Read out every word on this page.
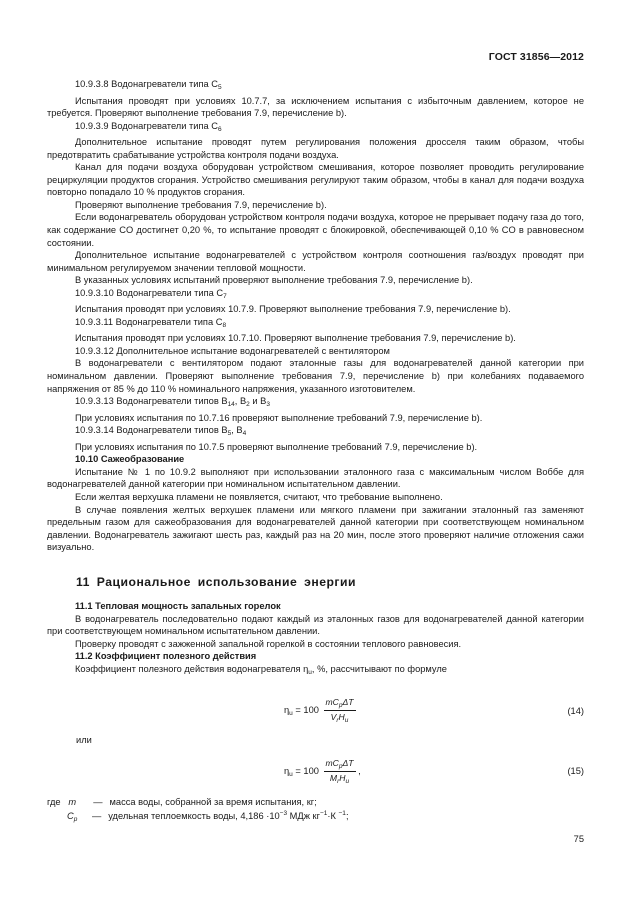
ГОСТ 31856—2012

10.9.3.8 Водонагреватели типа $С_5$

Испытания проводят при условиях 10.7.7, за исключением испытания с избыточным давлением, которое не требуется. Проверяют выполнение требования 7.9, перечисление b).

10.9.3.9 Водонагреватели типа $С_6$

Дополнительное испытание проводят путем регулирования положения дросселя таким образом, чтобы предотвратить срабатывание устройства контроля подачи воздуха.

Канал для подачи воздуха оборудован устройством смешивания, которое позволяет проводить регулирование рециркуляции продуктов сгорания. Устройство смешивания регулируют таким образом, чтобы в канал для подачи воздуха повторно попадало 10 % продуктов сгорания.

Проверяют выполнение требования 7.9, перечисление b).

Если водонагреватель оборудован устройством контроля подачи воздуха, которое не прерывает подачу газа до того, как содержание CO достигнет 0,20 %, то испытание проводят с блокировкой, обеспечивающей 0,10 % CO в равновесном состоянии.

Дополнительное испытание водонагревателей с устройством контроля соотношения газ/воздух проводят при минимальном регулируемом значении тепловой мощности.

В указанных условиях испытаний проверяют выполнение требования 7.9, перечисление b).

10.9.3.10 Водонагреватели типа $С_7$

Испытания проводят при условиях 10.7.9. Проверяют выполнение требования 7.9, перечисление b).

10.9.3.11 Водонагреватели типа $С_8$

Испытания проводят при условиях 10.7.10. Проверяют выполнение требования 7.9, перечисление b).

10.9.3.12 Дополнительное испытание водонагревателей с вентилятором

В водонагреватели с вентилятором подают эталонные газы для водонагревателей данной категории при номинальном давлении. Проверяют выполнение требования 7.9, перечисление b) при колебаниях подаваемого напряжения от 85 % до 110 % номинального напряжения, указанного изготовителем.

10.9.3.13 Водонагреватели типов $В_{14}$, $В_2$ и $В_3$

При условиях испытания по 10.7.16 проверяют выполнение требований 7.9, перечисление b).

10.9.3.14 Водонагреватели типов $В_5$, $В_4$

При условиях испытания по 10.7.5 проверяют выполнение требований 7.9, перечисление b).

10.10 Сажеобразование

Испытание № 1 по 10.9.2 выполняют при использовании эталонного газа с максимальным числом Воббе для водонагревателей данной категории при номинальном испытательном давлении.

Если желтая верхушка пламени не появляется, считают, что требование выполнено.

В случае появления желтых верхушек пламени или мягкого пламени при зажигании эталонный газ заменяют предельным газом для сажеобразования для водонагревателей данной категории при соответствующем номинальном давлении. Водонагреватель зажигают шесть раз, каждый раз на 20 мин, после этого проверяют наличие отложения сажи визуально.

11 Рациональное использование энергии

11.1 Тепловая мощность запальных горелок

В водонагреватель последовательно подают каждый из эталонных газов для водонагревателей данной категории при соответствующем номинальном испытательном давлении.

Проверку проводят с зажженной запальной горелкой в состоянии теплового равновесия.

11.2 Коэффициент полезного действия

Коэффициент полезного действия водонагревателя $\eta_u$, %, рассчитывают по формуле

$\eta_u = 100 \frac{mC_p\Delta T}{V_rH_и}$	(14)
или
$\eta_u = 100 \frac{mC_p\Delta T}{M_rH_и}$ ,	(15)
где m — масса воды, собранной за время испытания, кг;
$C_p$ — удельная теплоемкость воды, $4,186 \cdot 10^{-3}$ МДж $кг^{-1}\cdot К$ $^{-1}$;
75
